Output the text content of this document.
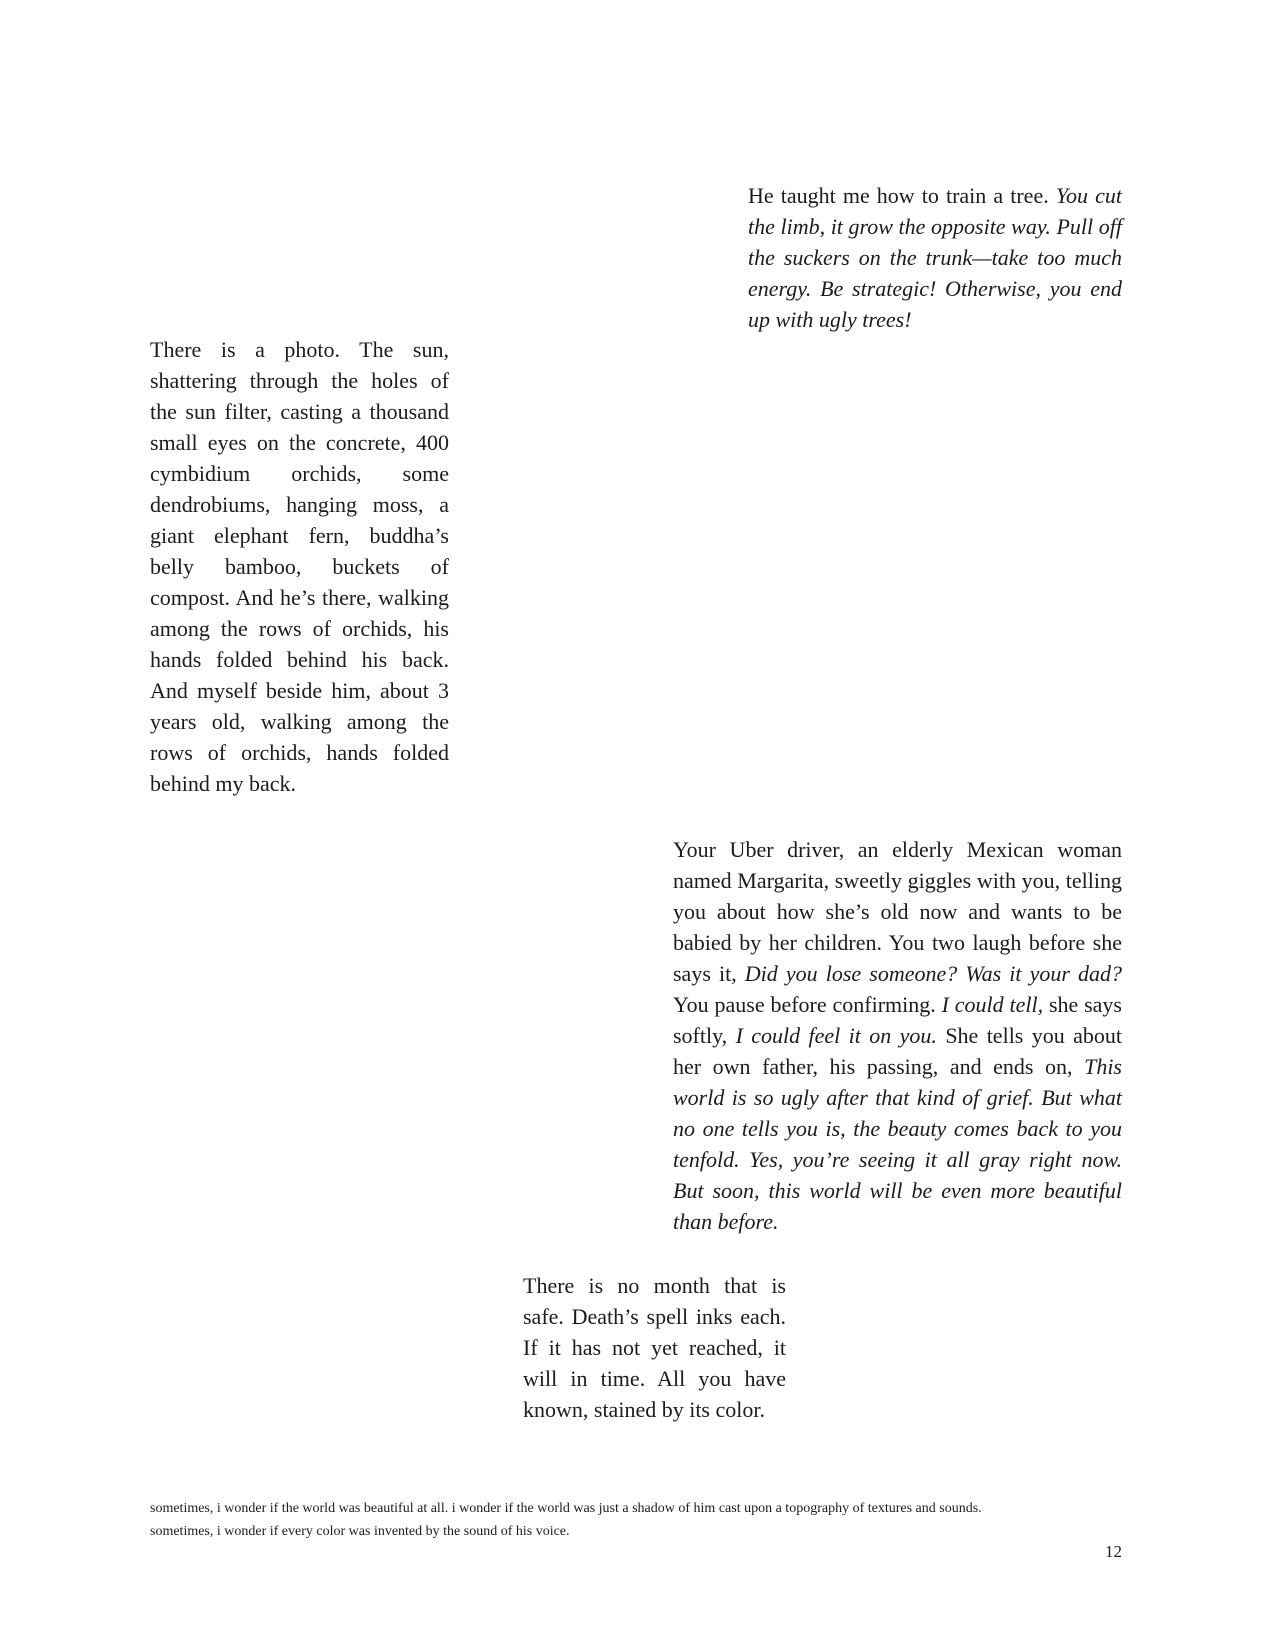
He taught me how to train a tree. You cut the limb, it grow the opposite way. Pull off the suckers on the trunk—take too much energy. Be strategic! Otherwise, you end up with ugly trees!

There is a photo. The sun, shattering through the holes of the sun filter, casting a thousand small eyes on the concrete, 400 cymbidium orchids, some dendrobiums, hanging moss, a giant elephant fern, buddha’s belly bamboo, buckets of compost. And he’s there, walking among the rows of orchids, his hands folded behind his back. And myself beside him, about 3 years old, walking among the rows of orchids, hands folded behind my back.

Your Uber driver, an elderly Mexican woman named Margarita, sweetly giggles with you, telling you about how she’s old now and wants to be babied by her children. You two laugh before she says it, Did you lose someone? Was it your dad? You pause before confirming. I could tell, she says softly, I could feel it on you. She tells you about her own father, his passing, and ends on, This world is so ugly after that kind of grief. But what no one tells you is, the beauty comes back to you tenfold. Yes, you’re seeing it all gray right now. But soon, this world will be even more beautiful than before.

There is no month that is safe. Death’s spell inks each. If it has not yet reached, it will in time. All you have known, stained by its color.

sometimes, i wonder if the world was beautiful at all. i wonder if the world was just a shadow of him cast upon a topography of textures and sounds.
sometimes, i wonder if every color was invented by the sound of his voice.

12
